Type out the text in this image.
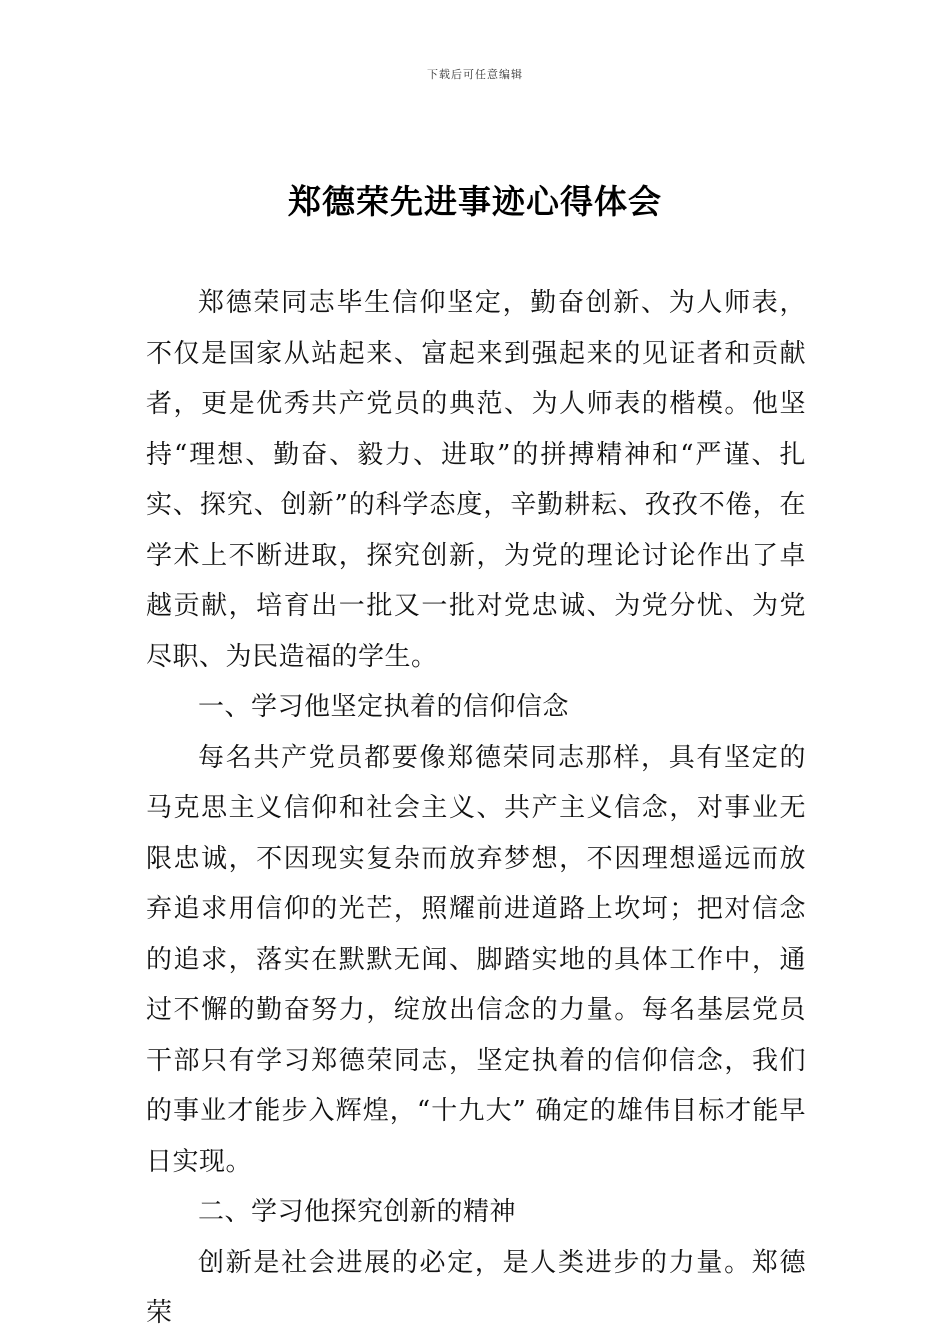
下载后可任意编辑
郑德荣先进事迹心得体会

郑德荣同志毕生信仰坚定，勤奋创新、为人师表，不仅是国家从站起来、富起来到强起来的见证者和贡献者，更是优秀共产党员的典范、为人师表的楷模。他坚持“理想、勤奋、毅力、进取”的拼搏精神和“严谨、扎实、探究、创新”的科学态度，辛勤耕耘、孜孜不倦，在学术上不断进取，探究创新，为党的理论讨论作出了卓越贡献，培育出一批又一批对党忠诚、为党分忧、为党尽职、为民造福的学生。

一、学习他坚定执着的信仰信念

每名共产党员都要像郑德荣同志那样，具有坚定的马克思主义信仰和社会主义、共产主义信念，对事业无限忠诚，不因现实复杂而放弃梦想，不因理想遥远而放弃追求用信仰的光芒，照耀前进道路上坎坷；把对信念的追求，落实在默默无闻、脚踏实地的具体工作中，通过不懈的勤奋努力，绽放出信念的力量。每名基层党员干部只有学习郑德荣同志，坚定执着的信仰信念，我们的事业才能步入辉煌，“十九大” 确定的雄伟目标才能早日实现。

二、学习他探究创新的精神

创新是社会进展的必定，是人类进步的力量。郑德荣
